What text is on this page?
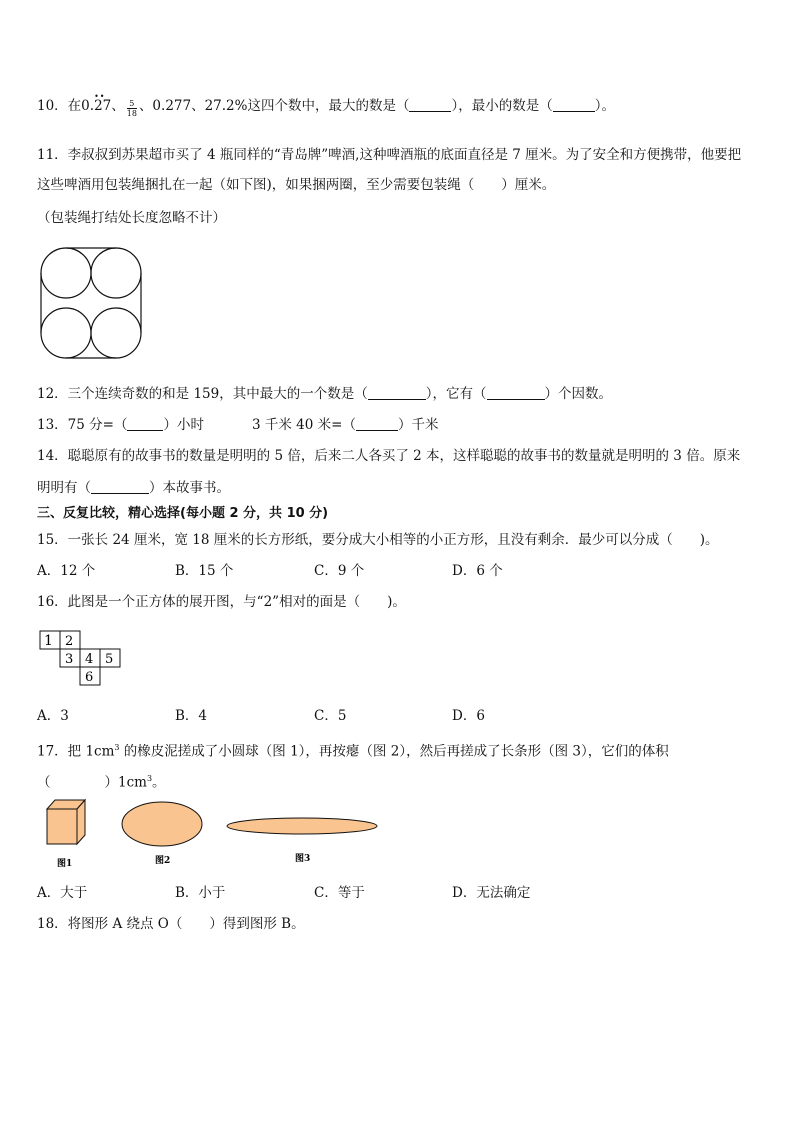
10．在0.•• 27、 $\frac{5}{18}$ 、0.277、27.2%这四个数中，最大的数是（	），最小的数是（	）。
11．李叔叔到苏果超市买了 4 瓶同样的“青岛牌”啤酒,这种啤酒瓶的底面直径是 7 厘米。为了安全和方便携带，他要把
这些啤酒用包装绳捆扎在一起（如下图)，如果捆两圈，至少需要包装绳（　　）厘米。
（包装绳打结处长度忽略不计）
12．三个连续奇数的和是 159，其中最大的一个数是（	），它有（	）个因数。
13．75 分=（	）小时	3 千米 40 米=（	）千米
14．聪聪原有的故事书的数量是明明的 5 倍，后来二人各买了 2 本，这样聪聪的故事书的数量就是明明的 3 倍。原来
明明有（	）本故事书。
三、反复比较，精心选择(每小题 2 分，共 10 分)
15．一张长 24 厘米，宽 18 厘米的长方形纸，要分成大小相等的小正方形，且没有剩余．最少可以分成（　　)。
A．12 个	B．15 个	C．9 个	D．6 个
16．此图是一个正方体的展开图，与“2”相对的面是（　　)。
1 2
3 4 5
6
A．3	B．4	C．5	D．6
17．把 $1cm^3$ 的橡皮泥搓成了小圆球（图 1），再按瘪（图 2），然后再搓成了长条形（图 3），它们的体积
（　　　　）$1cm^3$。
图1	图2	图3
A．大于	B．小于	C．等于	D．无法确定
18．将图形 A 绕点 O（　　）得到图形 B。
